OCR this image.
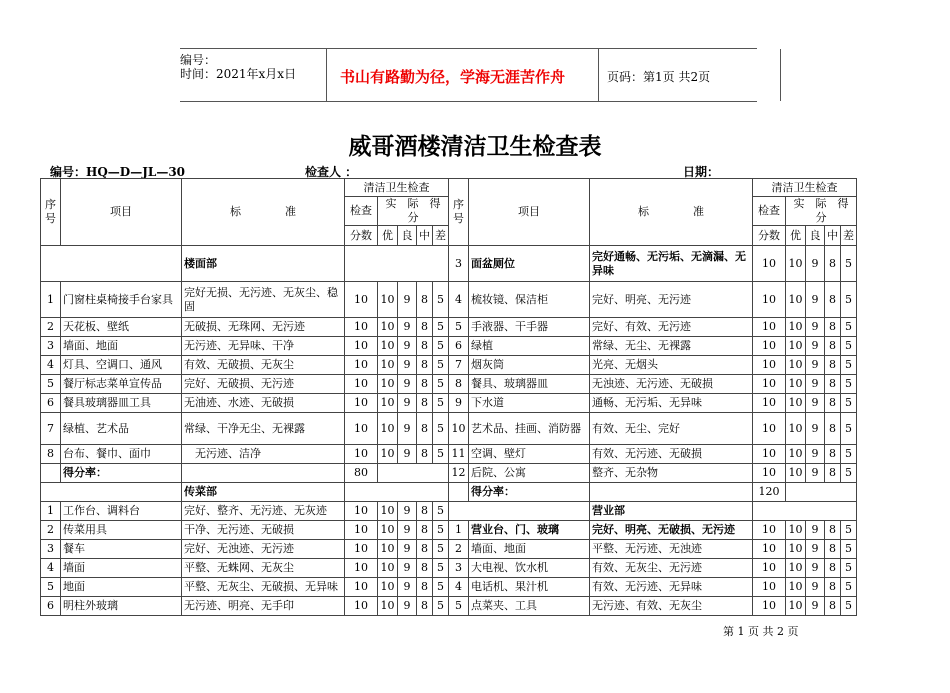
编号：
时间：2021年x月x日	书山有路勤为径，学海无涯苦作舟	页码：第1页 共2页
威哥酒楼清洁卫生检查表
编号：HQ—D—JL—30	检查人 ：	日期：
序号	项目	标　　　　准	清洁卫生检查					序号	项目	标　　　　准	清洁卫生检查				
			检查	实　际　得　分							检查	实　际　得　分			
			分数	优	良	中	差				分数	优	良	中	差
		楼面部						3	面盆厕位	完好通畅、无污垢、无滴漏、无异味	10	10	9	8	5
1	门窗柱桌椅接手台家具	完好无损、无污迹、无灰尘、稳固	10	10	9	8	5	4	梳妆镜、保洁柜	完好、明亮、无污迹	10	10	9	8	5
2	天花板、壁纸	无破损、无珠网、无污迹	10	10	9	8	5	5	手液器、干手器	完好、有效、无污迹	10	10	9	8	5
3	墙面、地面	无污迹、无异味、干净	10	10	9	8	5	6	绿植	常绿、无尘、无裸露	10	10	9	8	5
4	灯具、空调口、通风	有效、无破损、无灰尘	10	10	9	8	5	7	烟灰筒	光亮、无烟头	10	10	9	8	5
5	餐厅标志菜单宣传品	完好、无破损、无污迹	10	10	9	8	5	8	餐具、玻璃器皿	无浊迹、无污迹、无破损	10	10	9	8	5
6	餐具玻璃器皿工具	无油迹、水迹、无破损	10	10	9	8	5	9	下水道	通畅、无污垢、无异味	10	10	9	8	5
7	绿植、艺术品	常绿、干净无尘、无裸露	10	10	9	8	5	10	艺术品、挂画、消防器	有效、无尘、完好	10	10	9	8	5
8	台布、餐巾、面巾	　无污迹、洁净	10	10	9	8	5	11	空调、壁灯	有效、无污迹、无破损	10	10	9	8	5
	得分率：		80					12	后院、公寓	整齐、无杂物	10	10	9	8	5
		传菜部							得分率：		120				
1	工作台、调料台	完好、整齐、无污迹、无灰迹	10	10	9	8	5			营业部					
2	传菜用具	干净、无污迹、无破损	10	10	9	8	5	1	营业台、门、玻璃	完好、明亮、无破损、无污迹	10	10	9	8	5
3	餐车	完好、无浊迹、无污迹	10	10	9	8	5	2	墙面、地面	平整、无污迹、无浊迹	10	10	9	8	5
4	墙面	平整、无蛛网、无灰尘	10	10	9	8	5	3	大电视、饮水机	有效、无灰尘、无污迹	10	10	9	8	5
5	地面	平整、无灰尘、无破损、无异味	10	10	9	8	5	4	电话机、果汁机	有效、无污迹、无异味	10	10	9	8	5
6	明柱外玻璃	无污迹、明亮、无手印	10	10	9	8	5	5	点菜夹、工具	无污迹、有效、无灰尘	10	10	9	8	5
第 1 页 共 2 页
